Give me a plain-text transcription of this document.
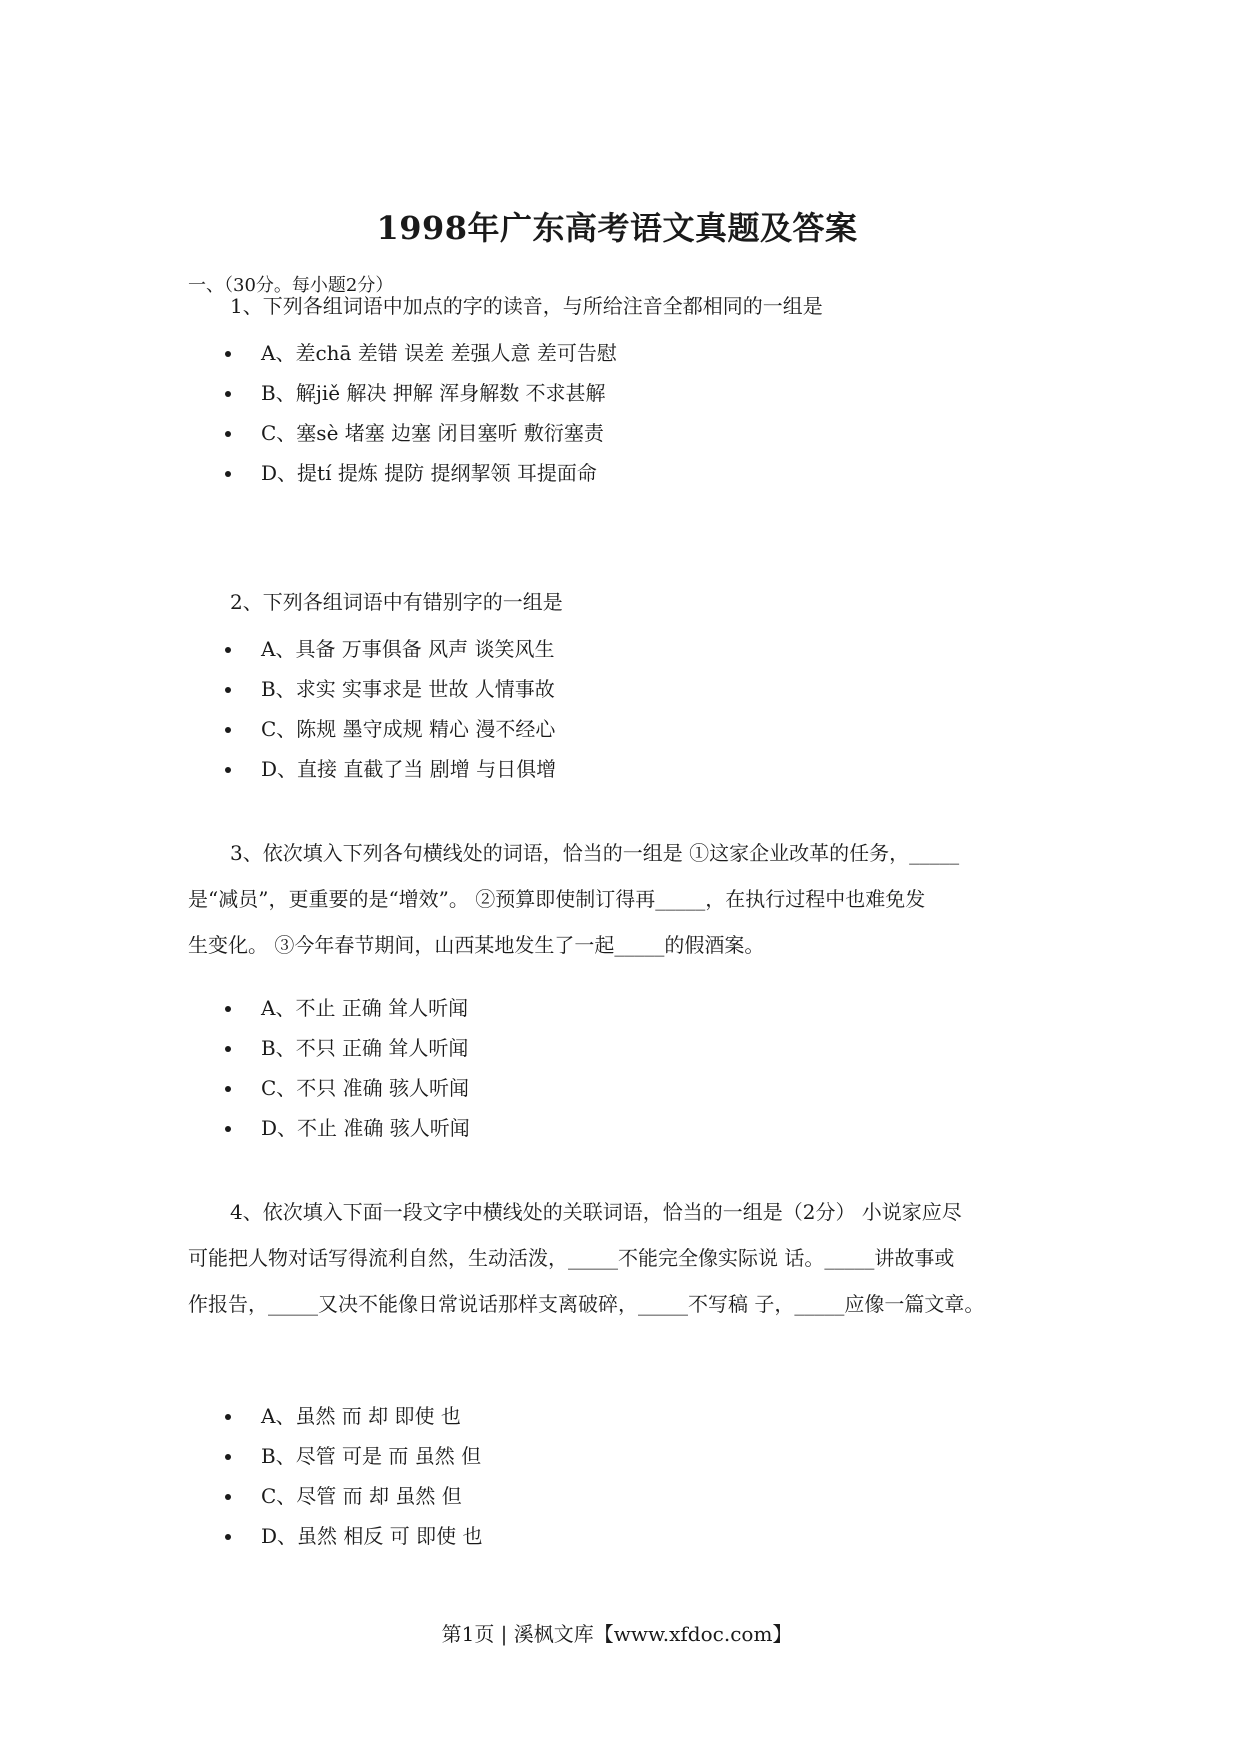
1998年广东高考语文真题及答案
一、（30分。每小题2分）
1、下列各组词语中加点的字的读音，与所给注音全都相同的一组是
A、差chā 差错 误差 差强人意 差可告慰
B、解jiě 解决 押解 浑身解数 不求甚解
C、塞sè 堵塞 边塞 闭目塞听 敷衍塞责
D、提tí 提炼 提防 提纲挈领 耳提面命
2、下列各组词语中有错别字的一组是
A、具备 万事俱备 风声 谈笑风生
B、求实 实事求是 世故 人情事故
C、陈规 墨守成规 精心 漫不经心
D、直接 直截了当 剧增 与日俱增
3、依次填入下列各句横线处的词语，恰当的一组是 ①这家企业改革的任务，_____
是“减员”，更重要的是“增效”。 ②预算即使制订得再_____，在执行过程中也难免发
生变化。 ③今年春节期间，山西某地发生了一起_____的假酒案。
A、不止 正确 耸人听闻
B、不只 正确 耸人听闻
C、不只 准确 骇人听闻
D、不止 准确 骇人听闻
4、依次填入下面一段文字中横线处的关联词语，恰当的一组是（2分） 小说家应尽
可能把人物对话写得流利自然，生动活泼，_____不能完全像实际说 话。_____讲故事或
作报告，_____又决不能像日常说话那样支离破碎，_____不写稿 子，_____应像一篇文章。
A、虽然 而 却 即使 也
B、尽管 可是 而 虽然 但
C、尽管 而 却 虽然 但
D、虽然 相反 可 即使 也
第1页 | 溪枫文库【www.xfdoc.com】
